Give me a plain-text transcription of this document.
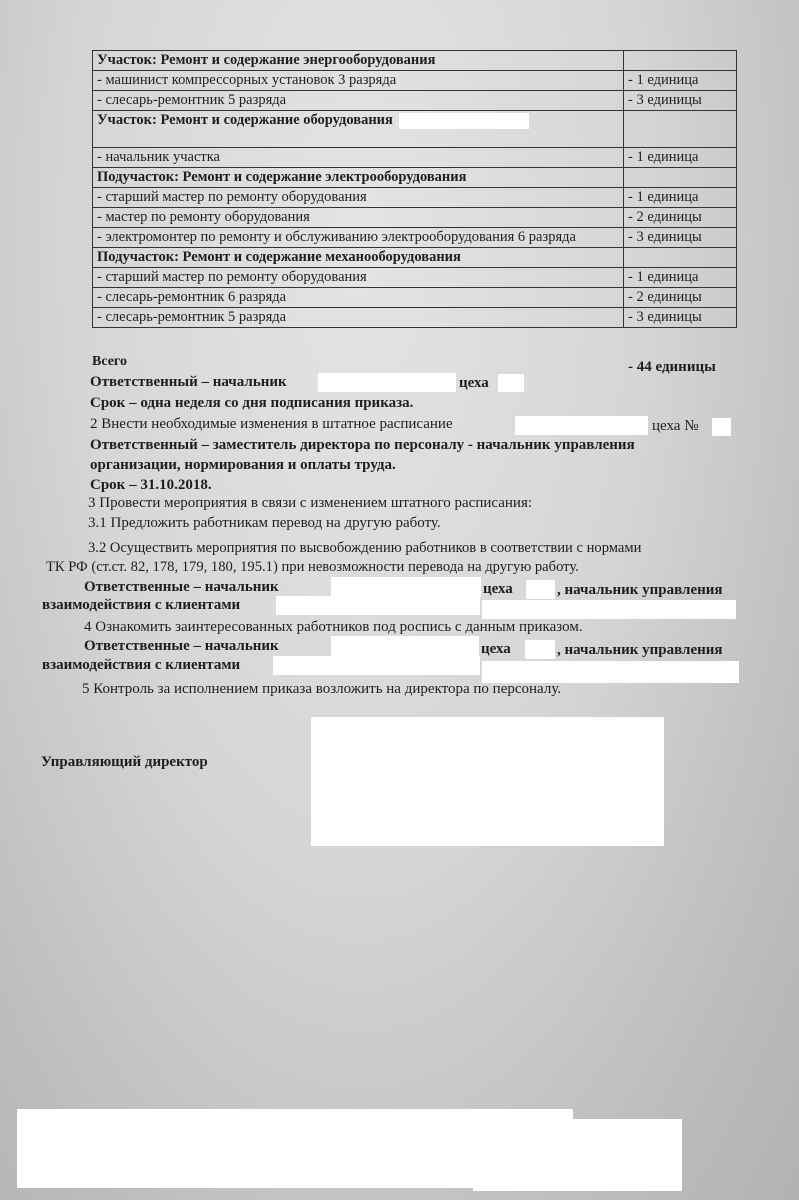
Участок: Ремонт и содержание энергооборудования	
- машинист компрессорных установок 3 разряда	- 1 единица
- слесарь-ремонтник 5 разряда	- 3 единицы
Участок: Ремонт и содержание оборудования	
- начальник участка	- 1 единица
Подучасток: Ремонт и содержание электрооборудования	
- старший мастер по ремонту оборудования	- 1 единица
- мастер по ремонту оборудования	- 2 единицы
- электромонтер по ремонту и обслуживанию электрооборудования 6 разряда	- 3 единицы
Подучасток: Ремонт и содержание механооборудования	
- старший мастер по ремонту оборудования	- 1 единица
- слесарь-ремонтник 6 разряда	- 2 единицы
- слесарь-ремонтник 5 разряда	- 3 единицы
Всего	- 44 единицы
Ответственный – начальник	цеха
Срок – одна неделя со дня подписания приказа.
2 Внести необходимые изменения в штатное расписание	цеха №
Ответственный – заместитель директора по персоналу - начальник управления
организации, нормирования и оплаты труда.
Срок – 31.10.2018.
3 Провести мероприятия в связи с изменением штатного расписания:
3.1 Предложить работникам перевод на другую работу.
3.2 Осуществить мероприятия по высвобождению работников в соответствии с нормами
ТК РФ (ст.ст. 82, 178, 179, 180, 195.1) при невозможности перевода на другую работу.
Ответственные – начальник	цеха	, начальник управления
взаимодействия с клиентами
4 Ознакомить заинтересованных работников под роспись с данным приказом.
Ответственные – начальник	цеха	, начальник управления
взаимодействия с клиентами
5 Контроль за исполнением приказа возложить на директора по персоналу.
Управляющий директор
